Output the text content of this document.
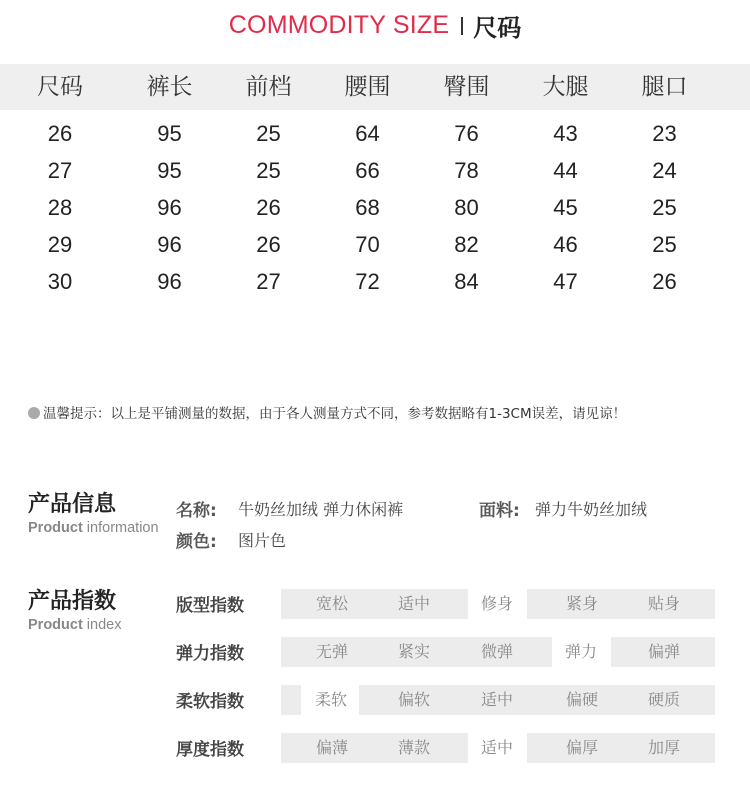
COMMODITY SIZE 尺码
尺码	裤长	前档	腰围	臀围	大腿	腿口
26	95	25	64	76	43	23
27	95	25	66	78	44	24
28	96	26	68	80	45	25
29	96	26	70	82	46	25
30	96	27	72	84	47	26
温馨提示：以上是平铺测量的数据，由于各人测量方式不同，参考数据略有1-3CM误差，请见谅！
产品信息
Product information
名称: 牛奶丝加绒 弹力休闲裤	面料: 弹力牛奶丝加绒
颜色: 图片色
产品指数
Product index
版型指数	宽松	适中	修身	紧身	贴身
弹力指数	无弹	紧实	微弹	弹力	偏弹
柔软指数	柔软	偏软	适中	偏硬	硬质
厚度指数	偏薄	薄款	适中	偏厚	加厚
